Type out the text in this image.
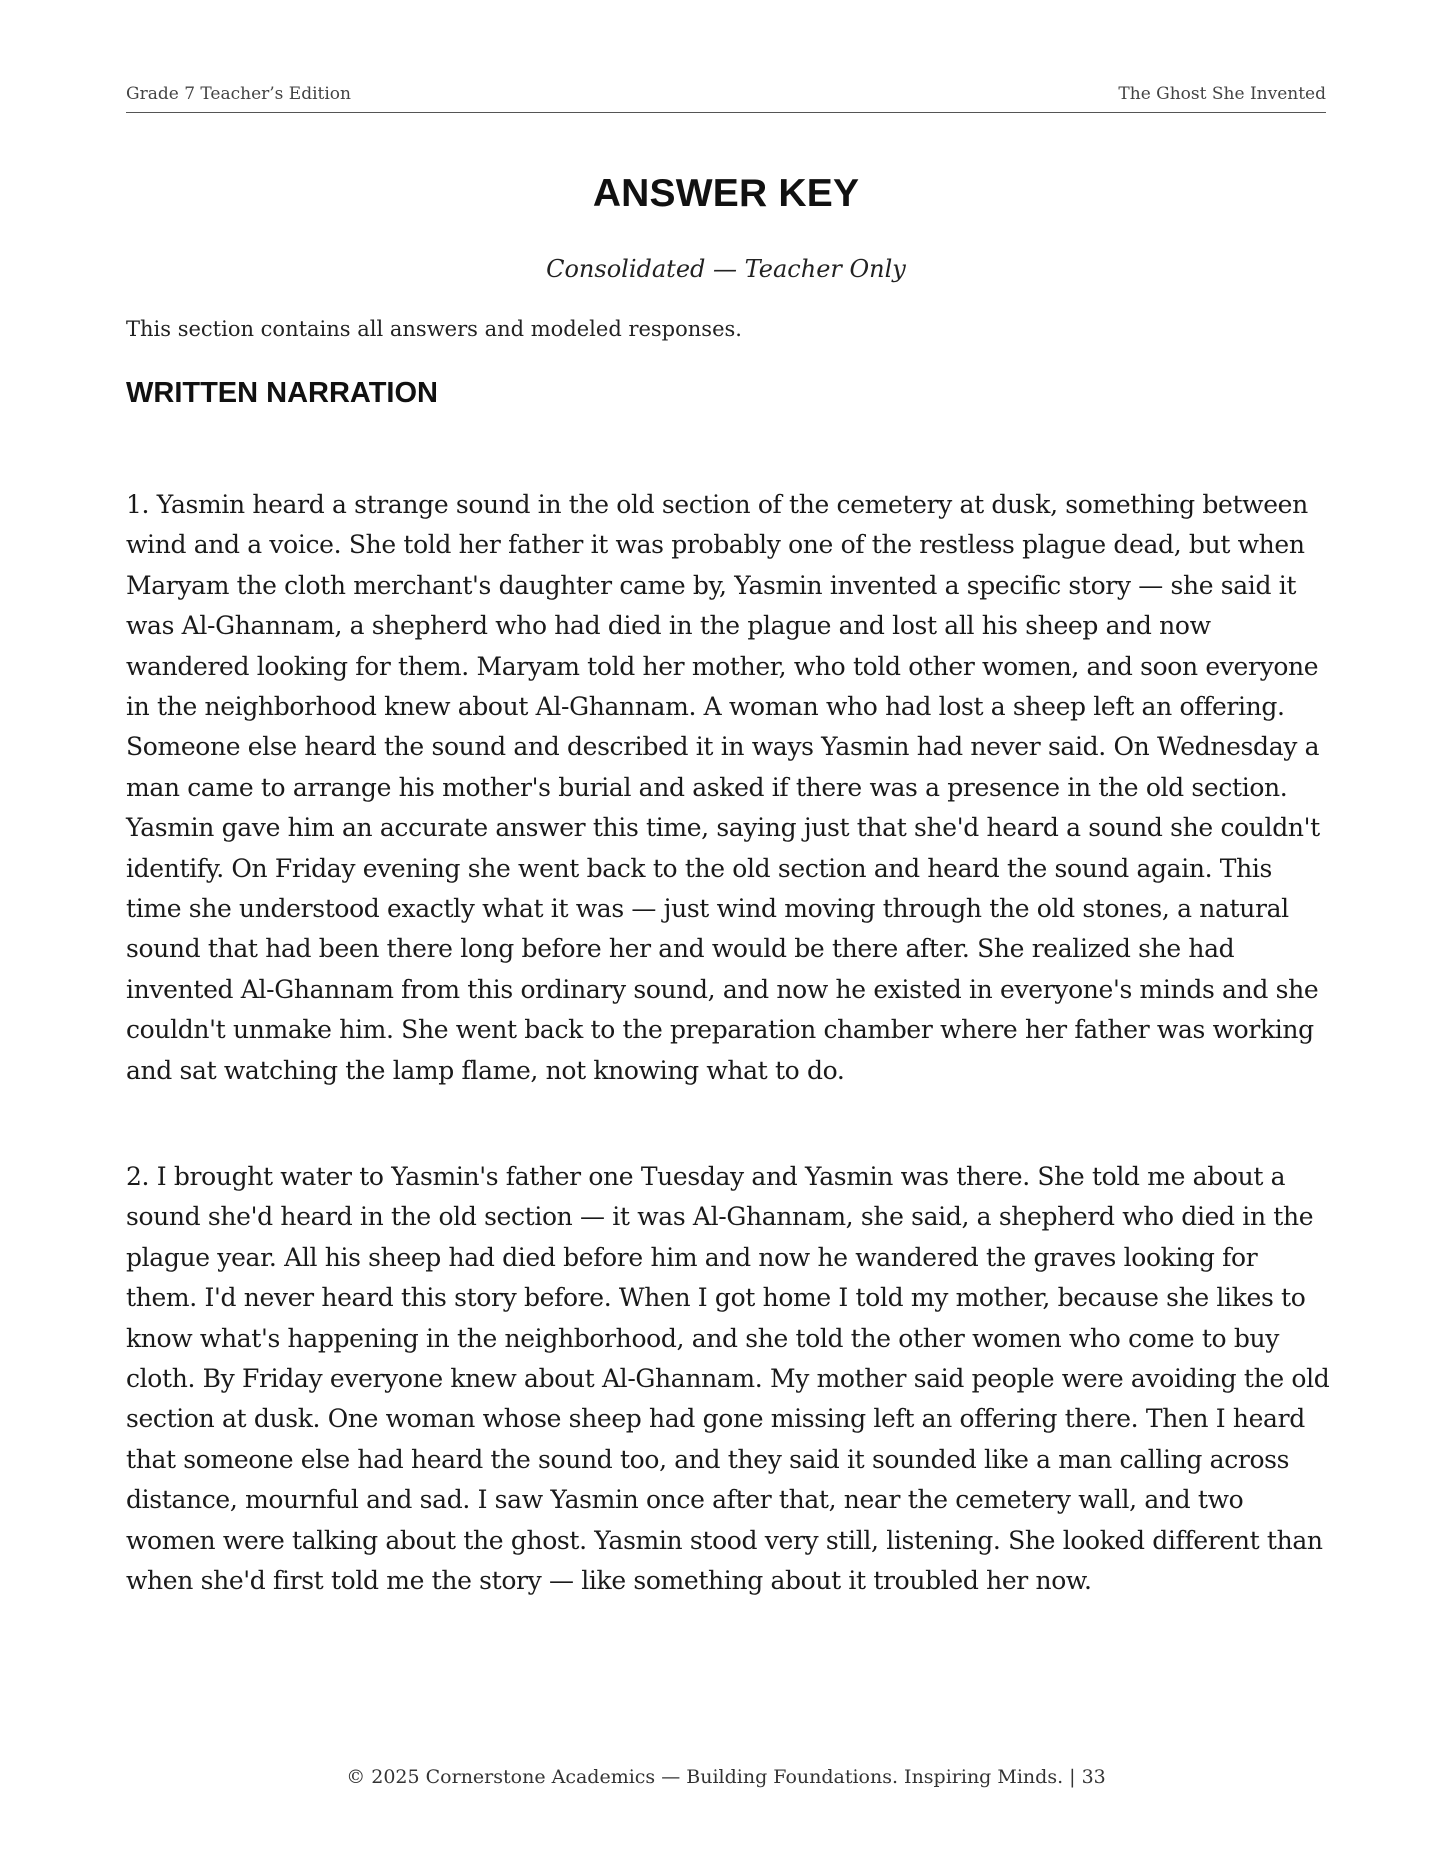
Grade 7 Teacher’s Edition	The Ghost She Invented
ANSWER KEY
Consolidated — Teacher Only
This section contains all answers and modeled responses.
WRITTEN NARRATION

1. Yasmin heard a strange sound in the old section of the cemetery at dusk, something between wind and a voice. She told her father it was probably one of the restless plague dead, but when Maryam the cloth merchant's daughter came by, Yasmin invented a specific story — she said it was Al-Ghannam, a shepherd who had died in the plague and lost all his sheep and now wandered looking for them. Maryam told her mother, who told other women, and soon everyone in the neighborhood knew about Al-Ghannam. A woman who had lost a sheep left an offering. Someone else heard the sound and described it in ways Yasmin had never said. On Wednesday a man came to arrange his mother's burial and asked if there was a presence in the old section. Yasmin gave him an accurate answer this time, saying just that she'd heard a sound she couldn't identify. On Friday evening she went back to the old section and heard the sound again. This time she understood exactly what it was — just wind moving through the old stones, a natural sound that had been there long before her and would be there after. She realized she had invented Al-Ghannam from this ordinary sound, and now he existed in everyone's minds and she couldn't unmake him. She went back to the preparation chamber where her father was working and sat watching the lamp flame, not knowing what to do.

2. I brought water to Yasmin's father one Tuesday and Yasmin was there. She told me about a sound she'd heard in the old section — it was Al-Ghannam, she said, a shepherd who died in the plague year. All his sheep had died before him and now he wandered the graves looking for them. I'd never heard this story before. When I got home I told my mother, because she likes to know what's happening in the neighborhood, and she told the other women who come to buy cloth. By Friday everyone knew about Al-Ghannam. My mother said people were avoiding the old section at dusk. One woman whose sheep had gone missing left an offering there. Then I heard that someone else had heard the sound too, and they said it sounded like a man calling across distance, mournful and sad. I saw Yasmin once after that, near the cemetery wall, and two women were talking about the ghost. Yasmin stood very still, listening. She looked different than when she'd first told me the story — like something about it troubled her now.

© 2025 Cornerstone Academics — Building Foundations. Inspiring Minds. | 33
